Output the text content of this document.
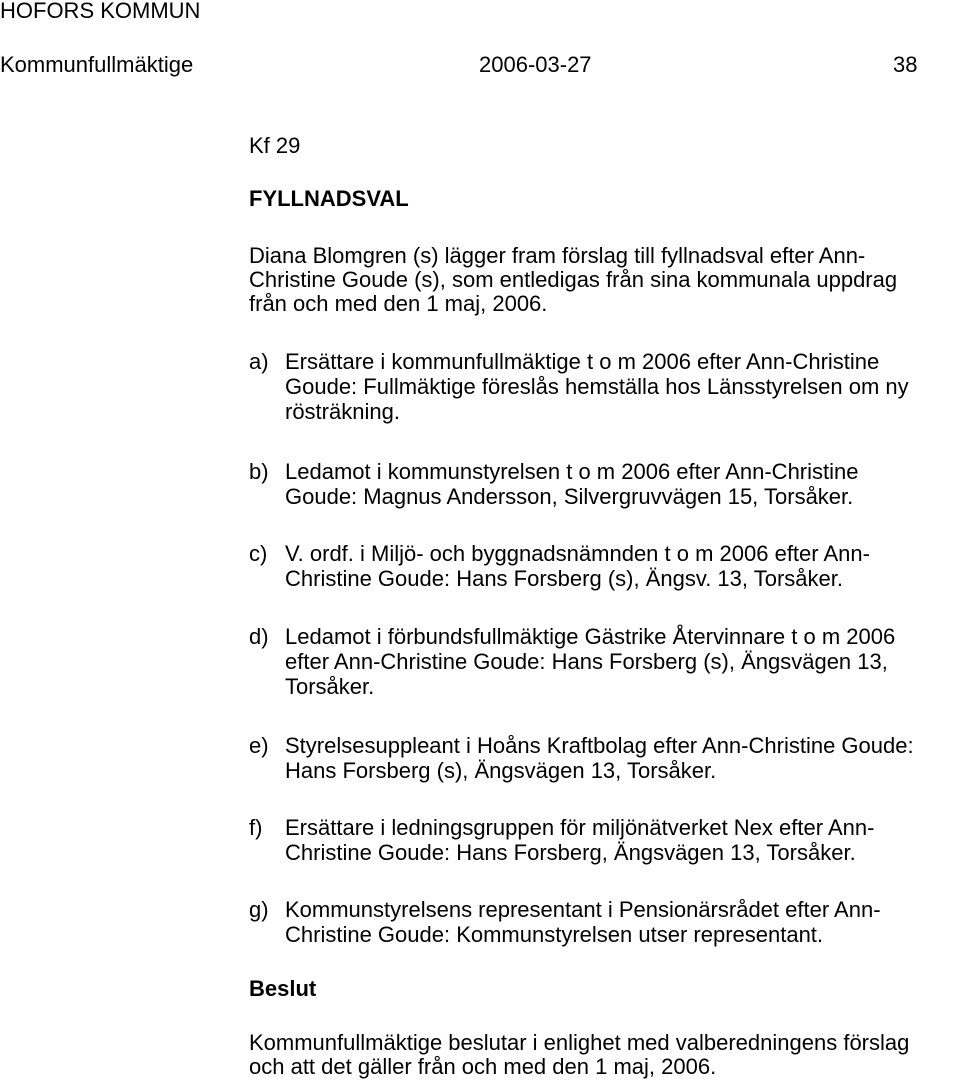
HOFORS KOMMUN
Kommunfullmäktige	2006-03-27	38
Kf 29
FYLLNADSVAL

Diana Blomgren (s) lägger fram förslag till fyllnadsval efter Ann-

Christine Goude (s), som entledigas från sina kommunala uppdrag

från och med den 1 maj, 2006.

a) Ersättare i kommunfullmäktige t o m 2006 efter Ann-Christine

Goude: Fullmäktige föreslås hemställa hos Länsstyrelsen om ny

rösträkning.

b) Ledamot i kommunstyrelsen t o m 2006 efter Ann-Christine

Goude: Magnus Andersson, Silvergruvvägen 15, Torsåker.

c) V. ordf. i Miljö- och byggnadsnämnden t o m 2006 efter Ann-

Christine Goude: Hans Forsberg (s), Ängsv. 13, Torsåker.

d) Ledamot i förbundsfullmäktige Gästrike Återvinnare t o m 2006

efter Ann-Christine Goude: Hans Forsberg (s), Ängsvägen 13,

Torsåker.

e) Styrelsesuppleant i Hoåns Kraftbolag efter Ann-Christine Goude:

Hans Forsberg (s), Ängsvägen 13, Torsåker.

f) Ersättare i ledningsgruppen för miljönätverket Nex efter Ann-

Christine Goude: Hans Forsberg, Ängsvägen 13, Torsåker.

g) Kommunstyrelsens representant i Pensionärsrådet efter Ann-

Christine Goude: Kommunstyrelsen utser representant.

Beslut

Kommunfullmäktige beslutar i enlighet med valberedningens förslag

och att det gäller från och med den 1 maj, 2006.
